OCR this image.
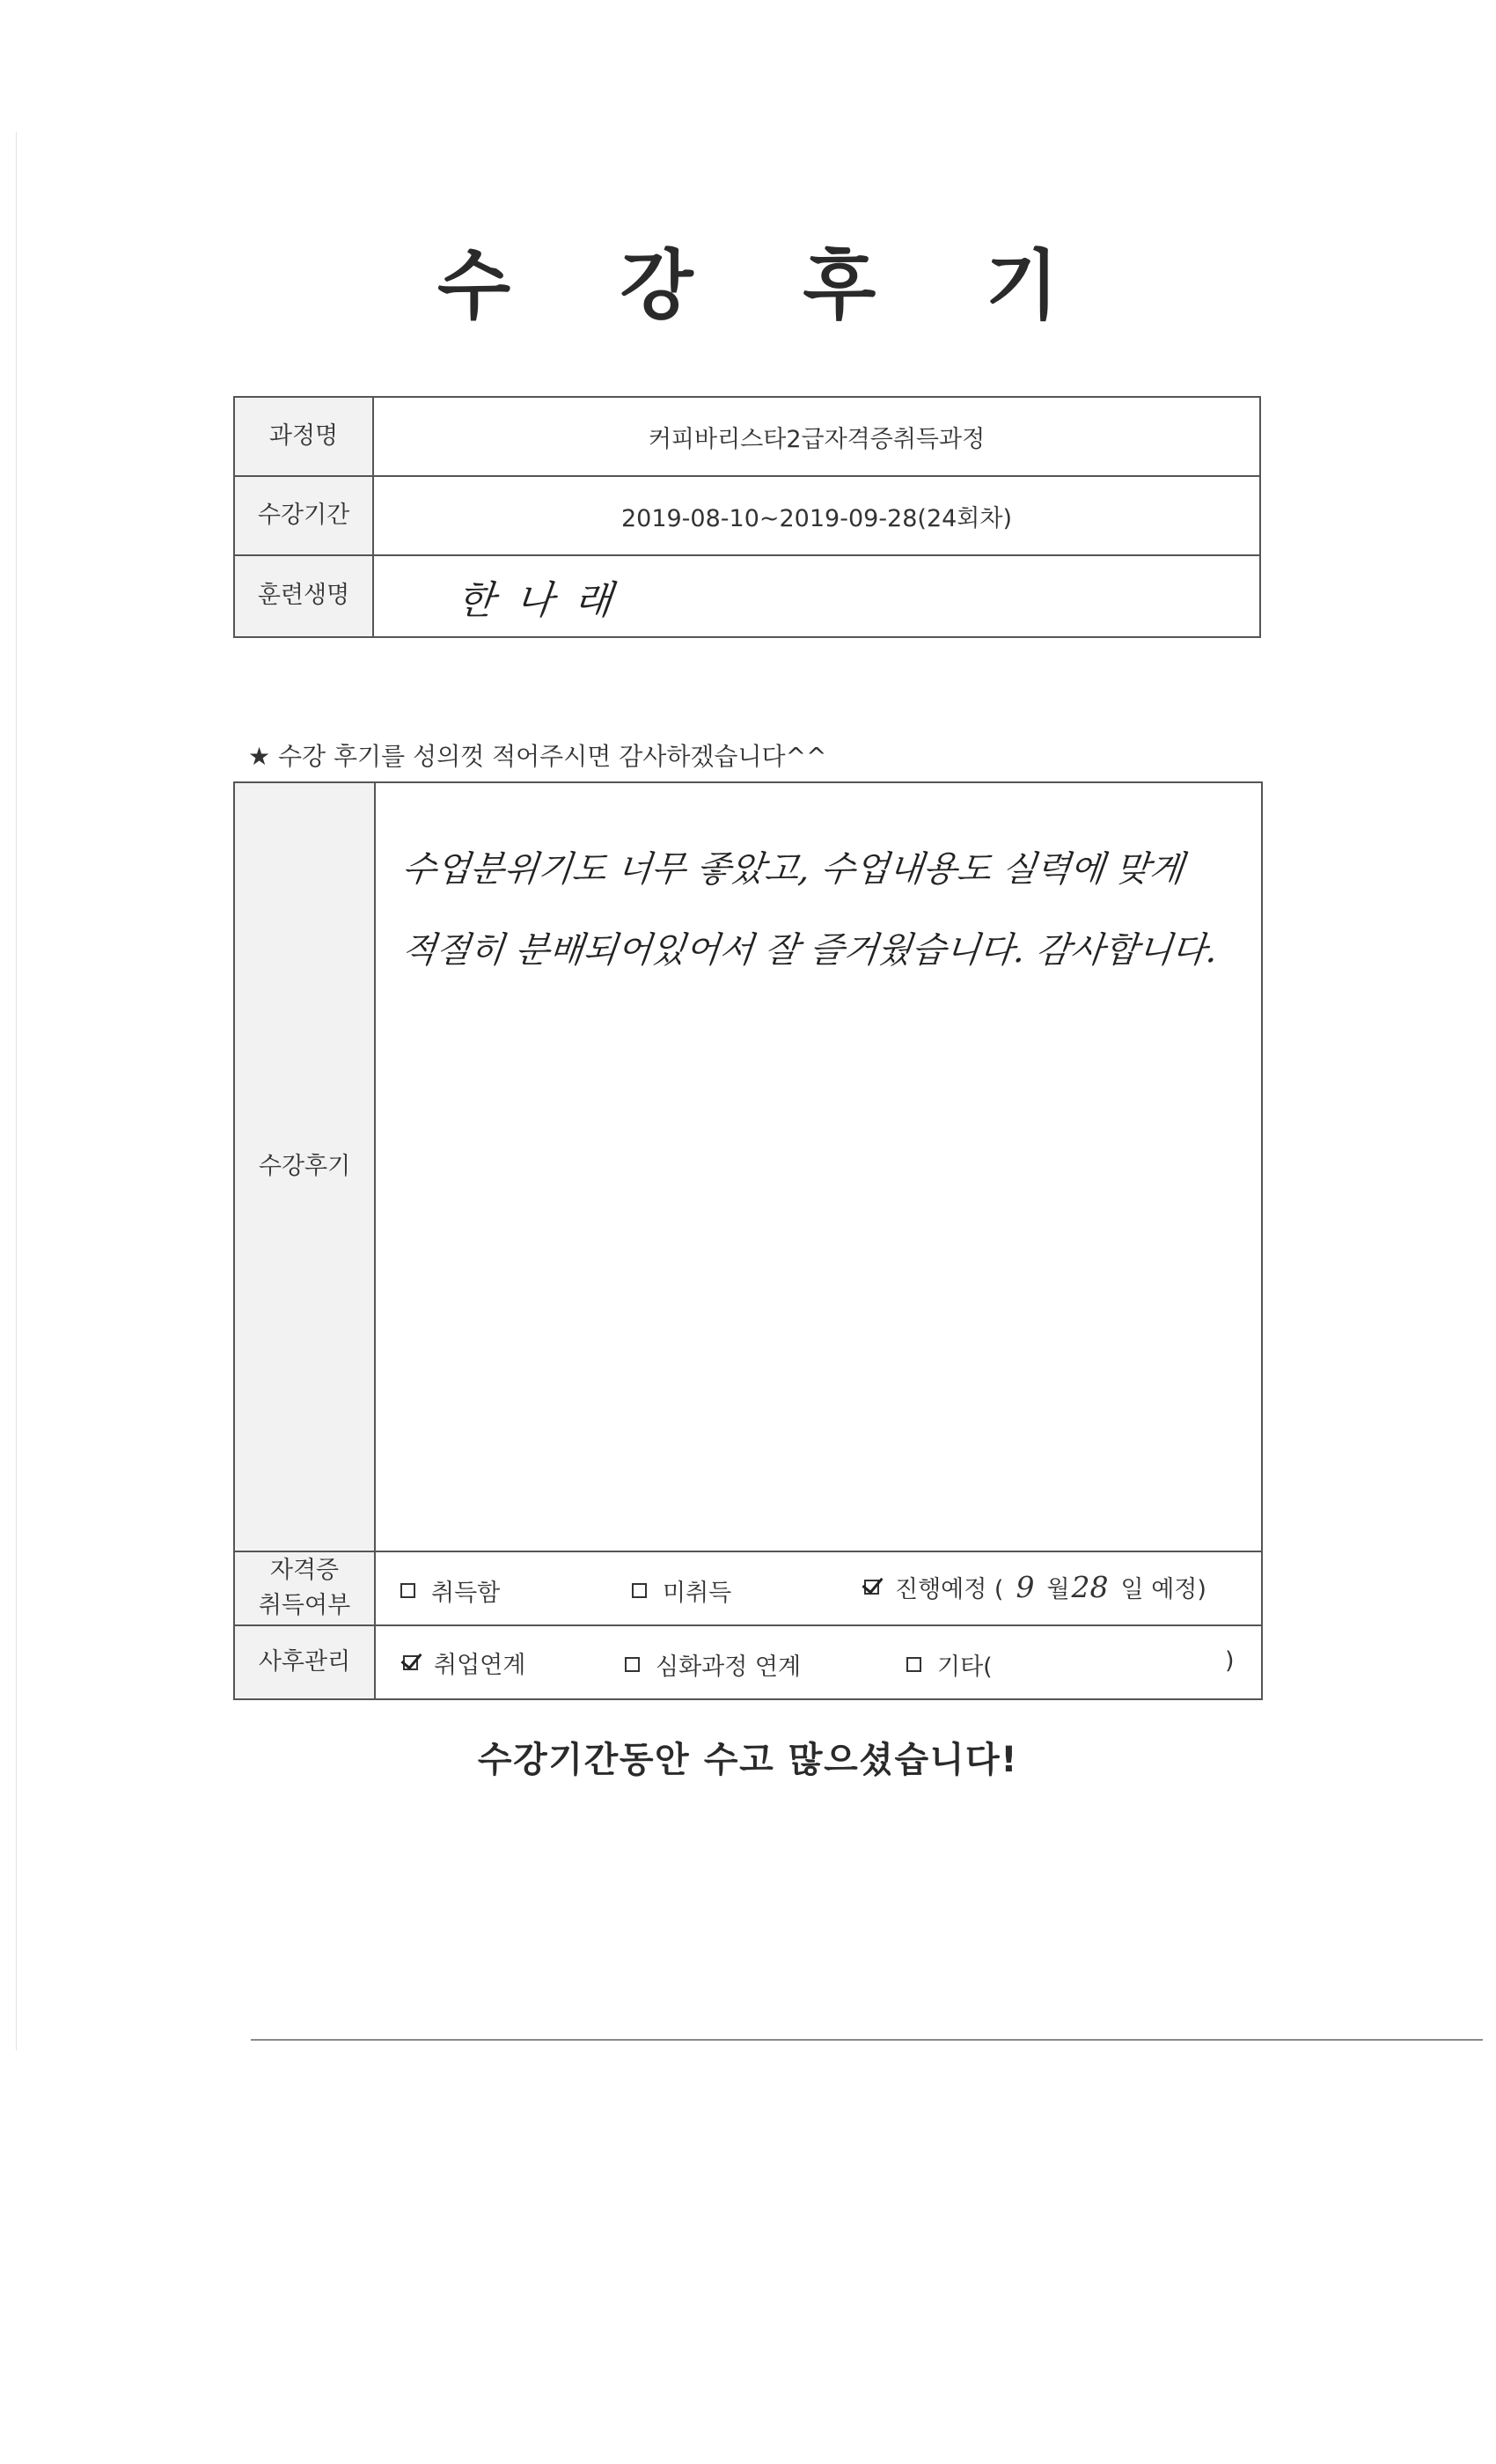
수 강 후 기
과정명	커피바리스타2급자격증취득과정
수강기간	2019-08-10~2019-09-28(24회차)
훈련생명	한나래
★ 수강 후기를 성의껏 적어주시면 감사하겠습니다^^
수강후기
수업분위기도 너무 좋았고, 수업내용도 실력에 맞게
적절히 분배되어있어서 잘 즐거웠습니다. 감사합니다.
자격증
취득여부	취득함	미취득	진행예정 ( 9 월 28 일 예정)
사후관리	취업연계	심화과정 연계	기타(	)
수강기간동안 수고 많으셨습니다!
